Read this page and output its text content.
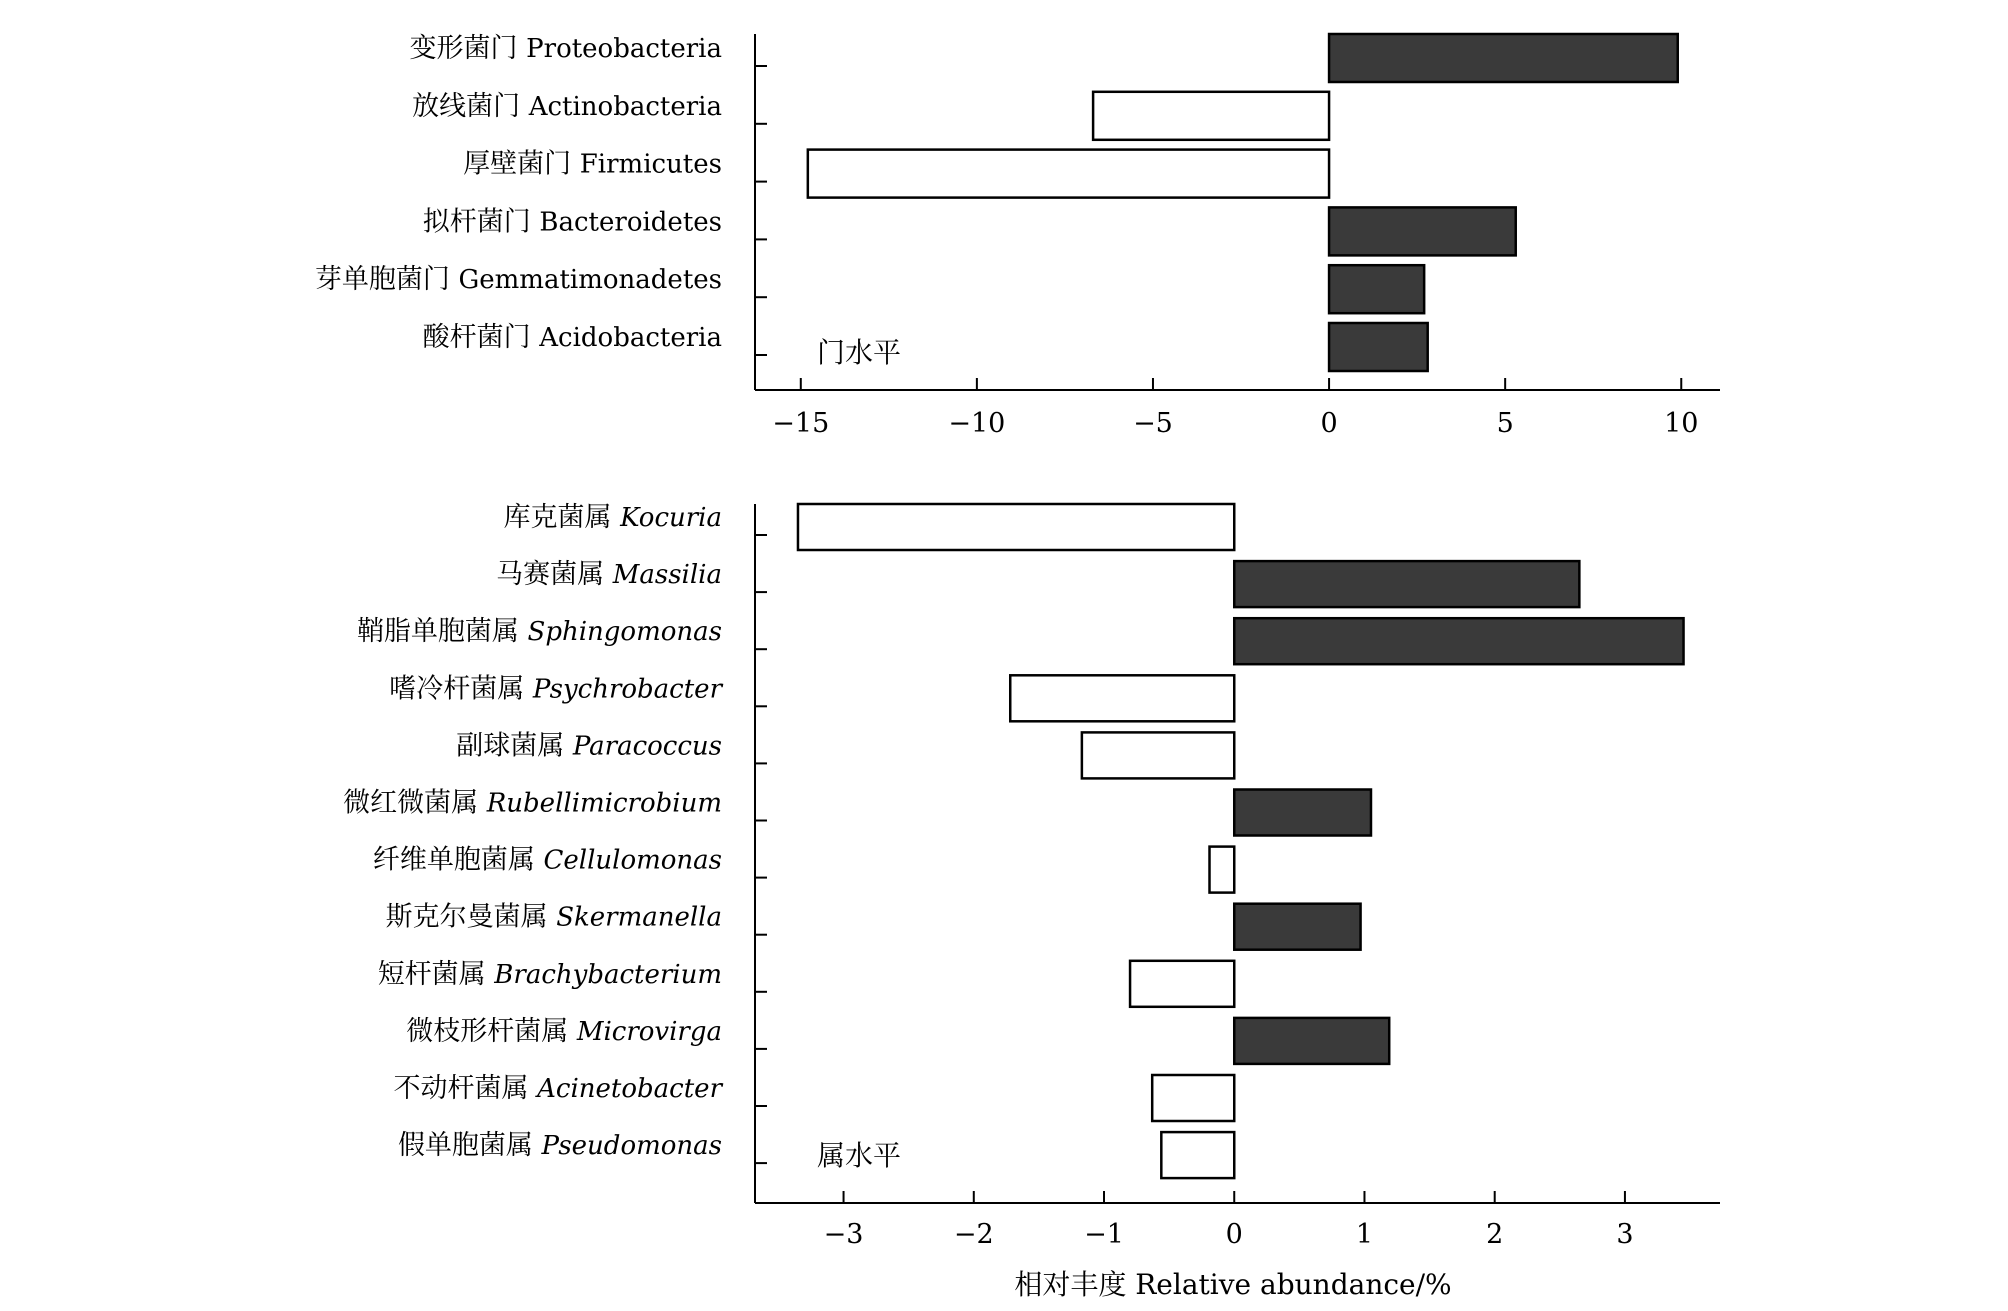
变形菌门 Proteobacteria
放线菌门 Actinobacteria
厚壁菌门 Firmicutes
拟杆菌门 Bacteroidetes
芽单胞菌门 Gemmatimonadetes
酸杆菌门 Acidobacteria
−15	−10	−5	0	5	10
门水平
库克菌属 Kocuria
马赛菌属 Massilia
鞘脂单胞菌属 Sphingomonas
嗜冷杆菌属 Psychrobacter
副球菌属 Paracoccus
微红微菌属 Rubellimicrobium
纤维单胞菌属 Cellulomonas
斯克尔曼菌属 Skermanella
短杆菌属 Brachybacterium
微枝形杆菌属 Microvirga
不动杆菌属 Acinetobacter
假单胞菌属 Pseudomonas
−3	−2	−1	0	1	2	3
属水平
相对丰度 Relative abundance/%
